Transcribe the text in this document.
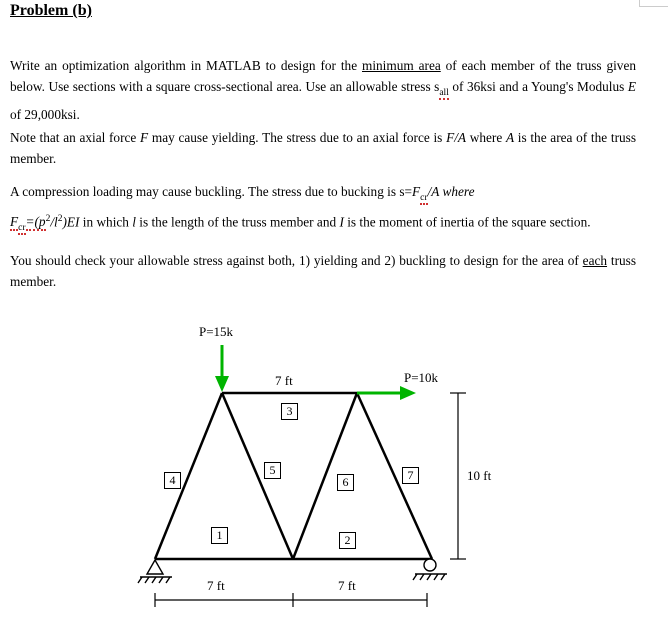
Problem (b)
Write an optimization algorithm in MATLAB to design for the minimum area of each member of the truss given below. Use sections with a square cross-sectional area. Use an allowable stress $s_{all}$ of 36ksi and a Young's Modulus E of 29,000ksi.
Note that an axial force F may cause yielding. The stress due to an axial force is F/A where A is the area of the truss member.
A compression loading may cause buckling. The stress due to bucking is $s=F_{cr}/A$ where
$F_{cr}=(p^2/l^2)EI$ in which l is the length of the truss member and I is the moment of inertia of the square section.
You should check your allowable stress against both, 1) yielding and 2) buckling to design for the area of each truss member.
P=15k
P=10k
7 ft
10 ft
7 ft	7 ft
1	2
3
4
5
6	7
